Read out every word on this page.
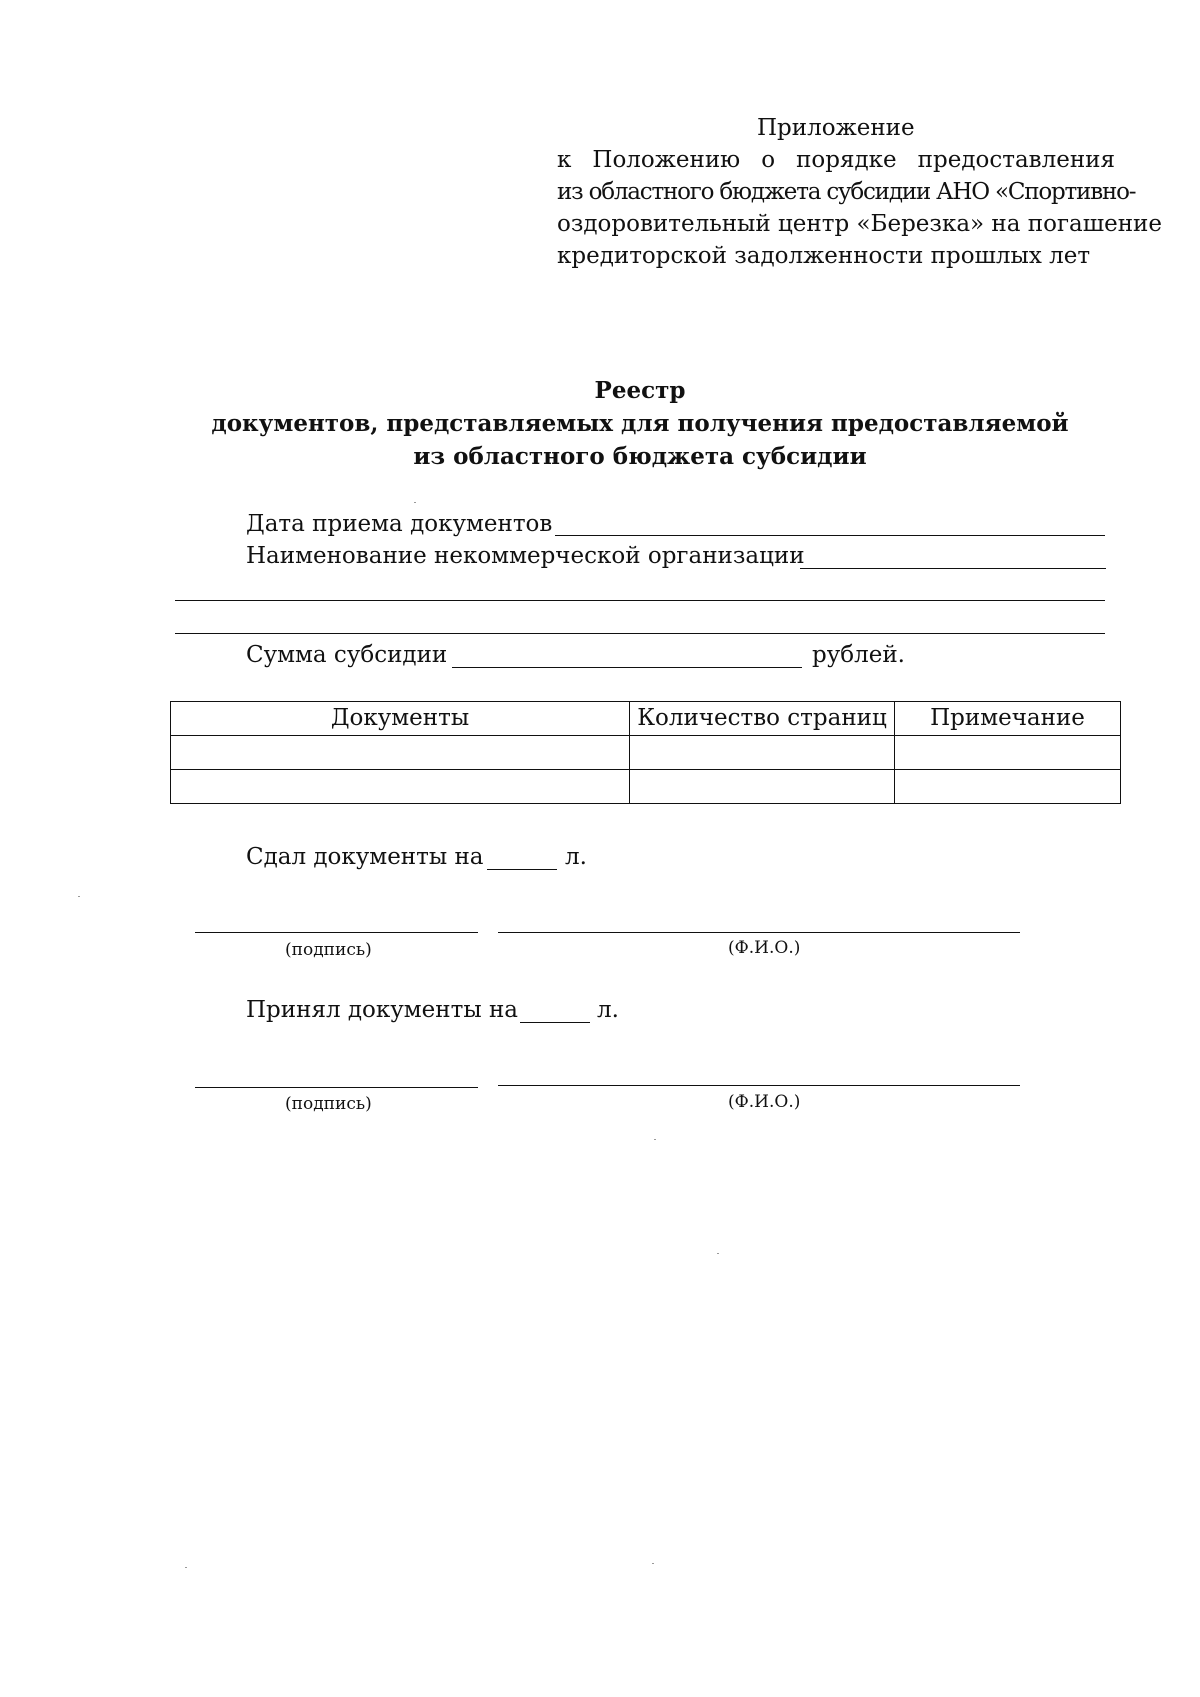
Приложение
к Положению о порядке предоставления
из областного бюджета субсидии АНО «Спортивно-
оздоровительный центр «Березка» на погашение
кредиторской задолженности прошлых лет
Реестр
документов, представляемых для получения предоставляемой
из областного бюджета субсидии
Дата приема документов
Наименование некоммерческой организации
Сумма субсидии	рублей.
Документы	Количество страниц	Примечание

Сдал документы на	л.
(подпись)	(Ф.И.О.)
Принял документы на	л.
(подпись)	(Ф.И.О.)
